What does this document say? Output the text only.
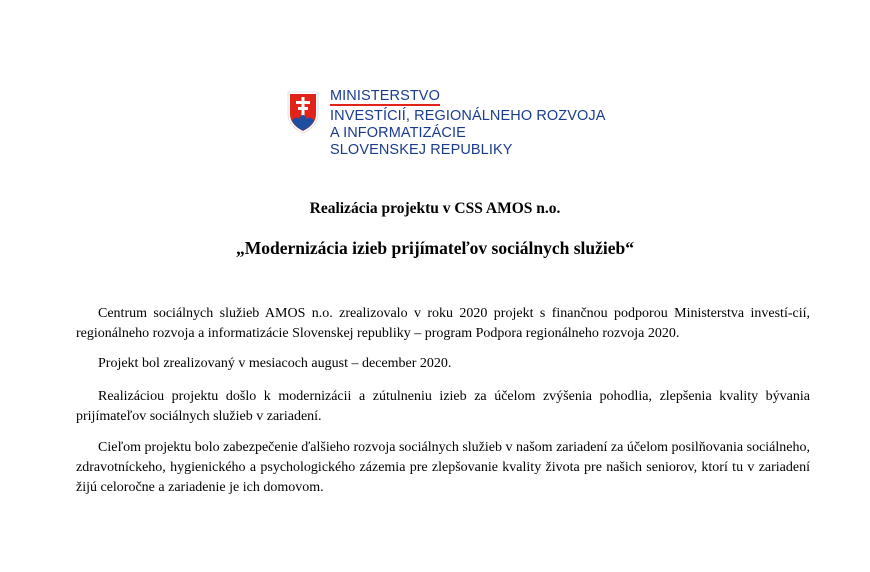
MINISTERSTVO
INVESTÍCIÍ, REGIONÁLNEHO ROZVOJA
A INFORMATIZÁCIE
SLOVENSKEJ REPUBLIKY
Realizácia projektu v CSS AMOS n.o.
„Modernizácia izieb prijímateľov sociálnych služieb“

Centrum sociálnych služieb AMOS n.o. zrealizovalo v roku 2020 projekt s finančnou podporou Ministerstva investí-cií, regionálneho rozvoja a informatizácie Slovenskej republiky – program Podpora regionálneho rozvoja 2020.

Projekt bol zrealizovaný v mesiacoch august – december 2020.

Realizáciou projektu došlo k modernizácii a zútulneniu izieb za účelom zvýšenia pohodlia, zlepšenia kvality bývania prijímateľov sociálnych služieb v zariadení.

Cieľom projektu bolo zabezpečenie ďalšieho rozvoja sociálnych služieb v našom zariadení za účelom posilňovania sociálneho, zdravotníckeho, hygienického a psychologického zázemia pre zlepšovanie kvality života pre našich seniorov, ktorí tu v zariadení žijú celoročne a zariadenie je ich domovom.
